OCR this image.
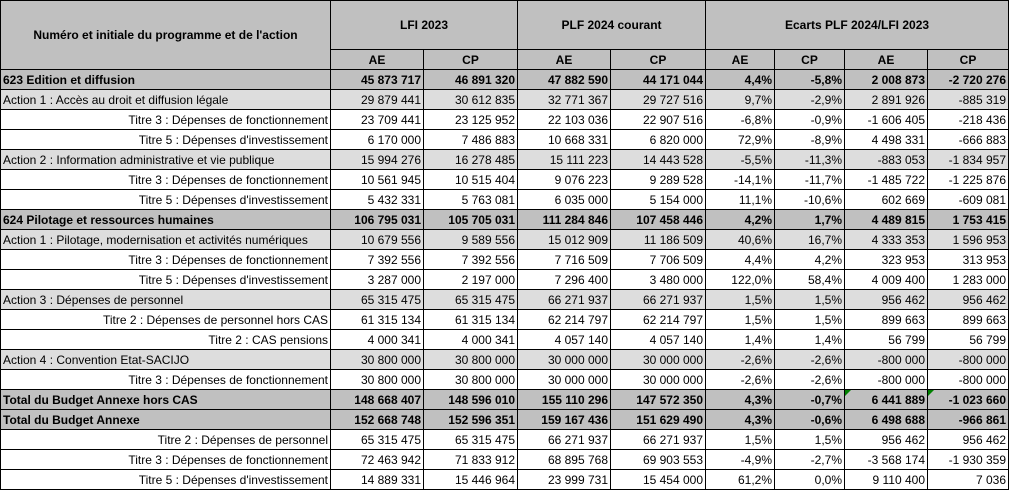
Numéro et initiale du programme et de l'action	LFI 2023		PLF 2024 courant		Ecarts PLF 2024/LFI 2023			
	AE	CP	AE	CP	AE	CP	AE	CP
623 Edition et diffusion	45 873 717	46 891 320	47 882 590	44 171 044	4,4%	-5,8%	2 008 873	-2 720 276
Action 1 : Accès au droit et diffusion légale	29 879 441	30 612 835	32 771 367	29 727 516	9,7%	-2,9%	2 891 926	-885 319
Titre 3 : Dépenses de fonctionnement	23 709 441	23 125 952	22 103 036	22 907 516	-6,8%	-0,9%	-1 606 405	-218 436
Titre 5 : Dépenses d'investissement	6 170 000	7 486 883	10 668 331	6 820 000	72,9%	-8,9%	4 498 331	-666 883
Action 2 : Information administrative et vie publique	15 994 276	16 278 485	15 111 223	14 443 528	-5,5%	-11,3%	-883 053	-1 834 957
Titre 3 : Dépenses de fonctionnement	10 561 945	10 515 404	9 076 223	9 289 528	-14,1%	-11,7%	-1 485 722	-1 225 876
Titre 5 : Dépenses d'investissement	5 432 331	5 763 081	6 035 000	5 154 000	11,1%	-10,6%	602 669	-609 081
624 Pilotage et ressources humaines	106 795 031	105 705 031	111 284 846	107 458 446	4,2%	1,7%	4 489 815	1 753 415
Action 1 : Pilotage, modernisation et activités numériques	10 679 556	9 589 556	15 012 909	11 186 509	40,6%	16,7%	4 333 353	1 596 953
Titre 3 : Dépenses de fonctionnement	7 392 556	7 392 556	7 716 509	7 706 509	4,4%	4,2%	323 953	313 953
Titre 5 : Dépenses d'investissement	3 287 000	2 197 000	7 296 400	3 480 000	122,0%	58,4%	4 009 400	1 283 000
Action 3 : Dépenses de personnel	65 315 475	65 315 475	66 271 937	66 271 937	1,5%	1,5%	956 462	956 462
Titre 2 : Dépenses de personnel hors CAS	61 315 134	61 315 134	62 214 797	62 214 797	1,5%	1,5%	899 663	899 663
Titre 2 : CAS pensions	4 000 341	4 000 341	4 057 140	4 057 140	1,4%	1,4%	56 799	56 799
Action 4 : Convention Etat-SACIJO	30 800 000	30 800 000	30 000 000	30 000 000	-2,6%	-2,6%	-800 000	-800 000
Titre 3 : Dépenses de fonctionnement	30 800 000	30 800 000	30 000 000	30 000 000	-2,6%	-2,6%	-800 000	-800 000
Total du Budget Annexe hors CAS	148 668 407	148 596 010	155 110 296	147 572 350	4,3%	-0,7%	6 441 889	-1 023 660
Total du Budget Annexe	152 668 748	152 596 351	159 167 436	151 629 490	4,3%	-0,6%	6 498 688	-966 861
Titre 2 : Dépenses de personnel	65 315 475	65 315 475	66 271 937	66 271 937	1,5%	1,5%	956 462	956 462
Titre 3 : Dépenses de fonctionnement	72 463 942	71 833 912	68 895 768	69 903 553	-4,9%	-2,7%	-3 568 174	-1 930 359
Titre 5 : Dépenses d'investissement	14 889 331	15 446 964	23 999 731	15 454 000	61,2%	0,0%	9 110 400	7 036
